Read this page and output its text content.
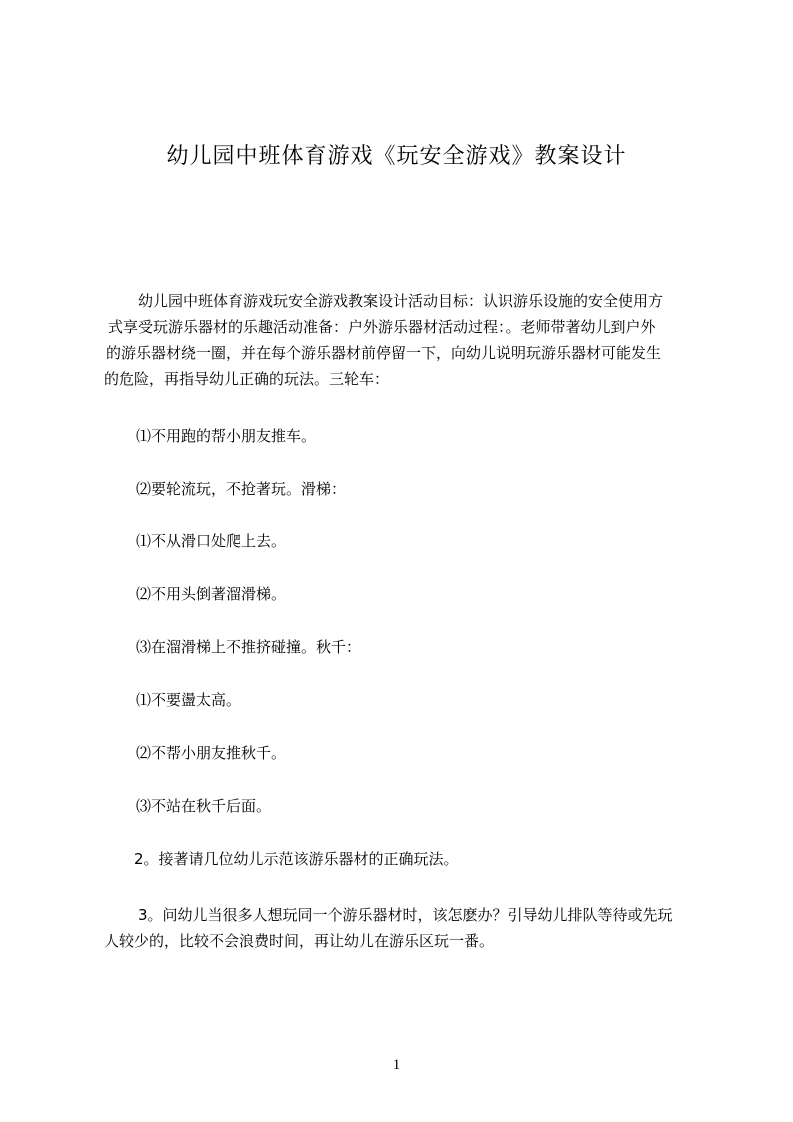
幼儿园中班体育游戏《玩安全游戏》教案设计
幼儿园中班体育游戏玩安全游戏教案设计活动目标：认识游乐设施的安全使用方
式享受玩游乐器材的乐趣活动准备：户外游乐器材活动过程：。老师带著幼儿到户外
的游乐器材绕一圈，并在每个游乐器材前停留一下，向幼儿说明玩游乐器材可能发生
的危险，再指导幼儿正确的玩法。三轮车：
⑴不用跑的帮小朋友推车。
⑵要轮流玩，不抢著玩。滑梯：
⑴不从滑口处爬上去。
⑵不用头倒著溜滑梯。
⑶在溜滑梯上不推挤碰撞。秋千：
⑴不要盪太高。
⑵不帮小朋友推秋千。
⑶不站在秋千后面。
2。接著请几位幼儿示范该游乐器材的正确玩法。
3。问幼儿当很多人想玩同一个游乐器材时，该怎麽办？引导幼儿排队等待或先玩
人较少的，比较不会浪费时间，再让幼儿在游乐区玩一番。
1
